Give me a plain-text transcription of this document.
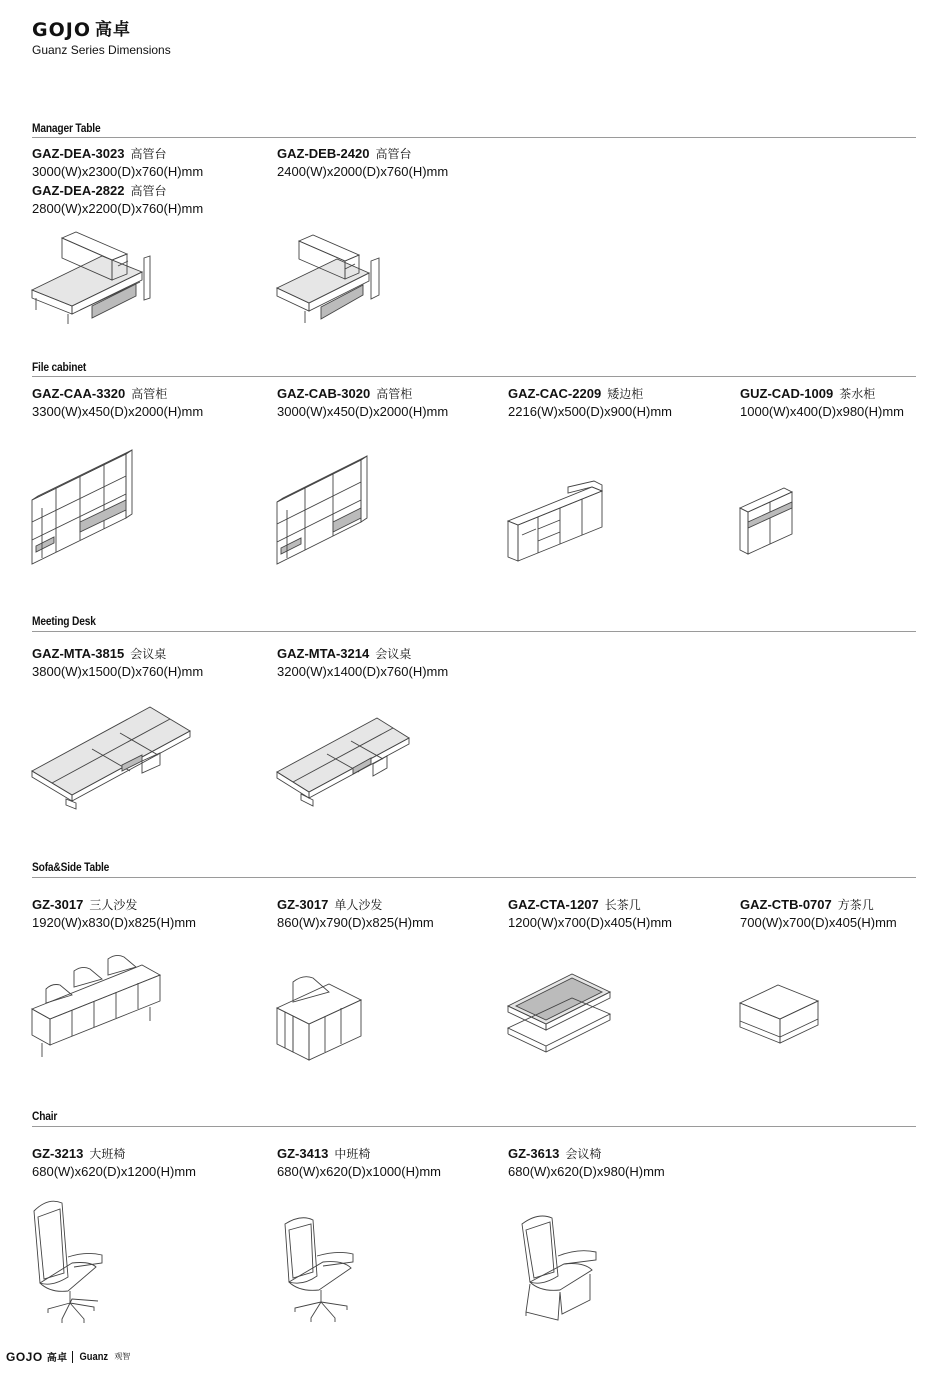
GOJO 高卓
Guanz Series Dimensions
Manager Table
GAZ-DEA-3023 高管台
3000(W)x2300(D)x760(H)mm
GAZ-DEA-2822 高管台
2800(W)x2200(D)x760(H)mm
GAZ-DEB-2420 高管台
2400(W)x2000(D)x760(H)mm
File cabinet
GAZ-CAA-3320 高管柜
3300(W)x450(D)x2000(H)mm
GAZ-CAB-3020 高管柜
3000(W)x450(D)x2000(H)mm
GAZ-CAC-2209 矮边柜
2216(W)x500(D)x900(H)mm
GUZ-CAD-1009 茶水柜
1000(W)x400(D)x980(H)mm
Meeting Desk
GAZ-MTA-3815 会议桌
3800(W)x1500(D)x760(H)mm
GAZ-MTA-3214 会议桌
3200(W)x1400(D)x760(H)mm
Sofa&Side Table
GZ-3017 三人沙发
1920(W)x830(D)x825(H)mm
GZ-3017 单人沙发
860(W)x790(D)x825(H)mm
GAZ-CTA-1207 长茶几
1200(W)x700(D)x405(H)mm
GAZ-CTB-0707 方茶几
700(W)x700(D)x405(H)mm
Chair
GZ-3213 大班椅
680(W)x620(D)x1200(H)mm
GZ-3413 中班椅
680(W)x620(D)x1000(H)mm
GZ-3613 会议椅
680(W)x620(D)x980(H)mm
GOJO 高卓 Guanz 观智
